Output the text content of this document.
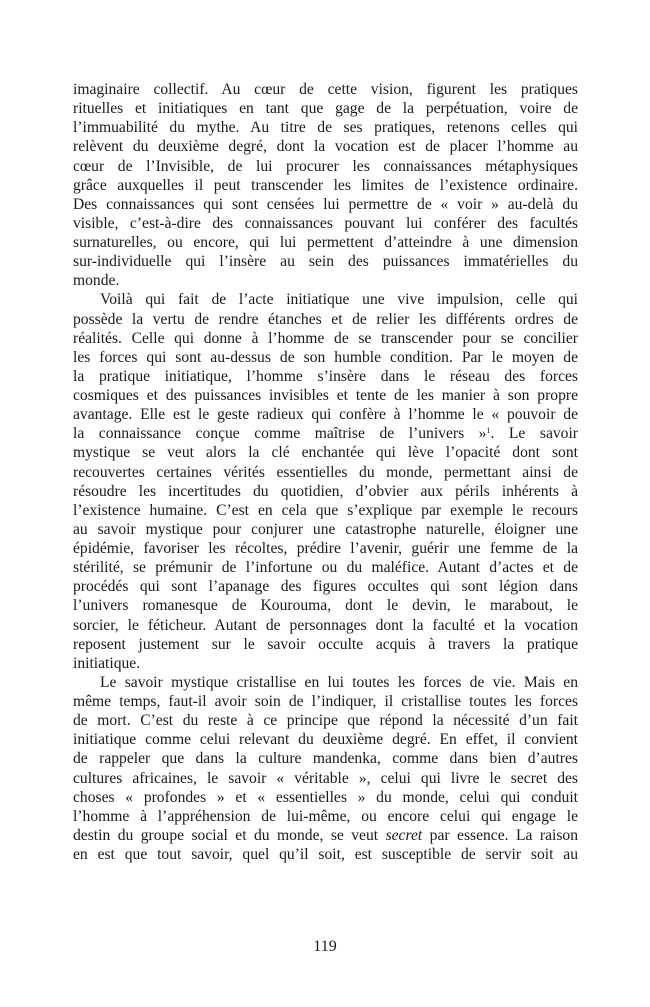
imaginaire collectif. Au cœur de cette vision, figurent les pratiques
rituelles et initiatiques en tant que gage de la perpétuation, voire de
l’immuabilité du mythe. Au titre de ses pratiques, retenons celles qui
relèvent du deuxième degré, dont la vocation est de placer l’homme au
cœur de l’Invisible, de lui procurer les connaissances métaphysiques
grâce auxquelles il peut transcender les limites de l’existence ordinaire.
Des connaissances qui sont censées lui permettre de « voir » au-delà du
visible, c’est-à-dire des connaissances pouvant lui conférer des facultés
surnaturelles, ou encore, qui lui permettent d’atteindre à une dimension
sur-individuelle qui l’insère au sein des puissances immatérielles du
monde.

Voilà qui fait de l’acte initiatique une vive impulsion, celle qui
possède la vertu de rendre étanches et de relier les différents ordres de
réalités. Celle qui donne à l’homme de se transcender pour se concilier
les forces qui sont au-dessus de son humble condition. Par le moyen de
la pratique initiatique, l’homme s’insère dans le réseau des forces
cosmiques et des puissances invisibles et tente de les manier à son propre
avantage. Elle est le geste radieux qui confère à l’homme le « pouvoir de
la connaissance conçue comme maîtrise de l’univers »$^1$. Le savoir
mystique se veut alors la clé enchantée qui lève l’opacité dont sont
recouvertes certaines vérités essentielles du monde, permettant ainsi de
résoudre les incertitudes du quotidien, d’obvier aux périls inhérents à
l’existence humaine. C’est en cela que s’explique par exemple le recours
au savoir mystique pour conjurer une catastrophe naturelle, éloigner une
épidémie, favoriser les récoltes, prédire l’avenir, guérir une femme de la
stérilité, se prémunir de l’infortune ou du maléfice. Autant d’actes et de
procédés qui sont l’apanage des figures occultes qui sont légion dans
l’univers romanesque de Kourouma, dont le devin, le marabout, le
sorcier, le féticheur. Autant de personnages dont la faculté et la vocation
reposent justement sur le savoir occulte acquis à travers la pratique
initiatique.

Le savoir mystique cristallise en lui toutes les forces de vie. Mais en
même temps, faut-il avoir soin de l’indiquer, il cristallise toutes les forces
de mort. C’est du reste à ce principe que répond la nécessité d’un fait
initiatique comme celui relevant du deuxième degré. En effet, il convient
de rappeler que dans la culture mandenka, comme dans bien d’autres
cultures africaines, le savoir « véritable », celui qui livre le secret des
choses « profondes » et « essentielles » du monde, celui qui conduit
l’homme à l’appréhension de lui-même, ou encore celui qui engage le
destin du groupe social et du monde, se veut secret par essence. La raison
en est que tout savoir, quel qu’il soit, est susceptible de servir soit au

119
